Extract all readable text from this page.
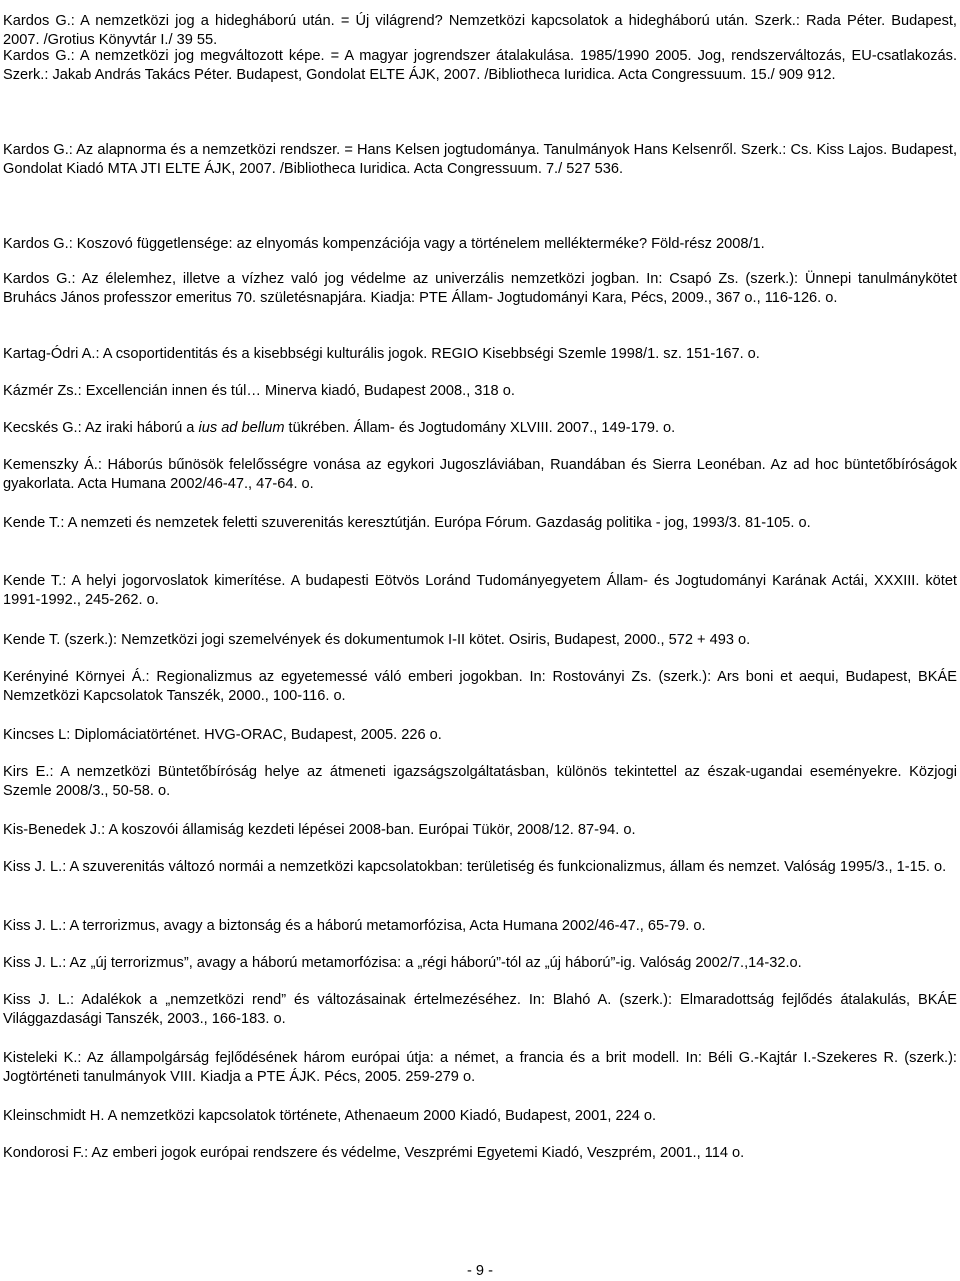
Kardos G.: A nemzetközi jog a hidegháború után. = Új világrend? Nemzetközi kapcsolatok a hidegháború után. Szerk.: Rada Péter. Budapest, 2007. /Grotius Könyvtár I./ 39 55.

Kardos G.: A nemzetközi jog megváltozott képe. = A magyar jogrendszer átalakulása. 1985/1990 2005. Jog, rendszerváltozás, EU-csatlakozás. Szerk.: Jakab András Takács Péter. Budapest, Gondolat ELTE ÁJK, 2007. /Bibliotheca Iuridica. Acta Congressuum. 15./ 909 912.

Kardos G.: Az alapnorma és a nemzetközi rendszer. = Hans Kelsen jogtudománya. Tanulmányok Hans Kelsenről. Szerk.: Cs. Kiss Lajos. Budapest, Gondolat Kiadó MTA JTI ELTE ÁJK, 2007. /Bibliotheca Iuridica. Acta Congressuum. 7./ 527 536.

Kardos G.: Koszovó függetlensége: az elnyomás kompenzációja vagy a történelem mellékterméke? Föld-rész 2008/1.

Kardos G.: Az élelemhez, illetve a vízhez való jog védelme az univerzális nemzetközi jogban. In: Csapó Zs. (szerk.): Ünnepi tanulmánykötet Bruhács János professzor emeritus 70. születésnapjára. Kiadja: PTE Állam- Jogtudományi Kara, Pécs, 2009., 367 o., 116-126. o.

Kartag-Ódri A.: A csoportidentitás és a kisebbségi kulturális jogok. REGIO Kisebbségi Szemle 1998/1. sz. 151-167. o.

Kázmér Zs.: Excellencián innen és túl… Minerva kiadó, Budapest 2008., 318 o.

Kecskés G.: Az iraki háború a ius ad bellum tükrében. Állam- és Jogtudomány XLVIII. 2007., 149-179. o.

Kemenszky Á.: Háborús bűnösök felelősségre vonása az egykori Jugoszláviában, Ruandában és Sierra Leonéban. Az ad hoc büntetőbíróságok gyakorlata. Acta Humana 2002/46-47., 47-64. o.

Kende T.: A nemzeti és nemzetek feletti szuverenitás keresztútján. Európa Fórum. Gazdaság politika - jog, 1993/3. 81-105. o.

Kende T.: A helyi jogorvoslatok kimerítése. A budapesti Eötvös Loránd Tudományegyetem Állam- és Jogtudományi Karának Actái, XXXIII. kötet 1991-1992., 245-262. o.

Kende T. (szerk.): Nemzetközi jogi szemelvények és dokumentumok I-II kötet. Osiris, Budapest, 2000., 572 + 493 o.

Kerényiné Környei Á.: Regionalizmus az egyetemessé váló emberi jogokban. In: Rostoványi Zs. (szerk.): Ars boni et aequi, Budapest, BKÁE Nemzetközi Kapcsolatok Tanszék, 2000., 100-116. o.

Kincses L: Diplomáciatörténet. HVG-ORAC, Budapest, 2005. 226 o.

Kirs E.: A nemzetközi Büntetőbíróság helye az átmeneti igazságszolgáltatásban, különös tekintettel az észak-ugandai eseményekre. Közjogi Szemle 2008/3., 50-58. o.

Kis-Benedek J.: A koszovói államiság kezdeti lépései 2008-ban. Európai Tükör, 2008/12. 87-94. o.

Kiss J. L.: A szuverenitás változó normái a nemzetközi kapcsolatokban: területiség és funkcionalizmus, állam és nemzet. Valóság 1995/3., 1-15. o.

Kiss J. L.: A terrorizmus, avagy a biztonság és a háború metamorfózisa, Acta Humana 2002/46-47., 65-79. o.

Kiss J. L.: Az „új terrorizmus”, avagy a háború metamorfózisa: a „régi háború”-tól az „új háború”-ig. Valóság 2002/7.,14-32.o.

Kiss J. L.: Adalékok a „nemzetközi rend” és változásainak értelmezéséhez. In: Blahó A. (szerk.): Elmaradottság fejlődés átalakulás, BKÁE Világgazdasági Tanszék, 2003., 166-183. o.

Kisteleki K.: Az állampolgárság fejlődésének három európai útja: a német, a francia és a brit modell. In: Béli G.-Kajtár I.-Szekeres R. (szerk.): Jogtörténeti tanulmányok VIII. Kiadja a PTE ÁJK. Pécs, 2005. 259-279 o.

Kleinschmidt H. A nemzetközi kapcsolatok története, Athenaeum 2000 Kiadó, Budapest, 2001, 224 o.

Kondorosi F.: Az emberi jogok európai rendszere és védelme, Veszprémi Egyetemi Kiadó, Veszprém, 2001., 114 o.

- 9 -
